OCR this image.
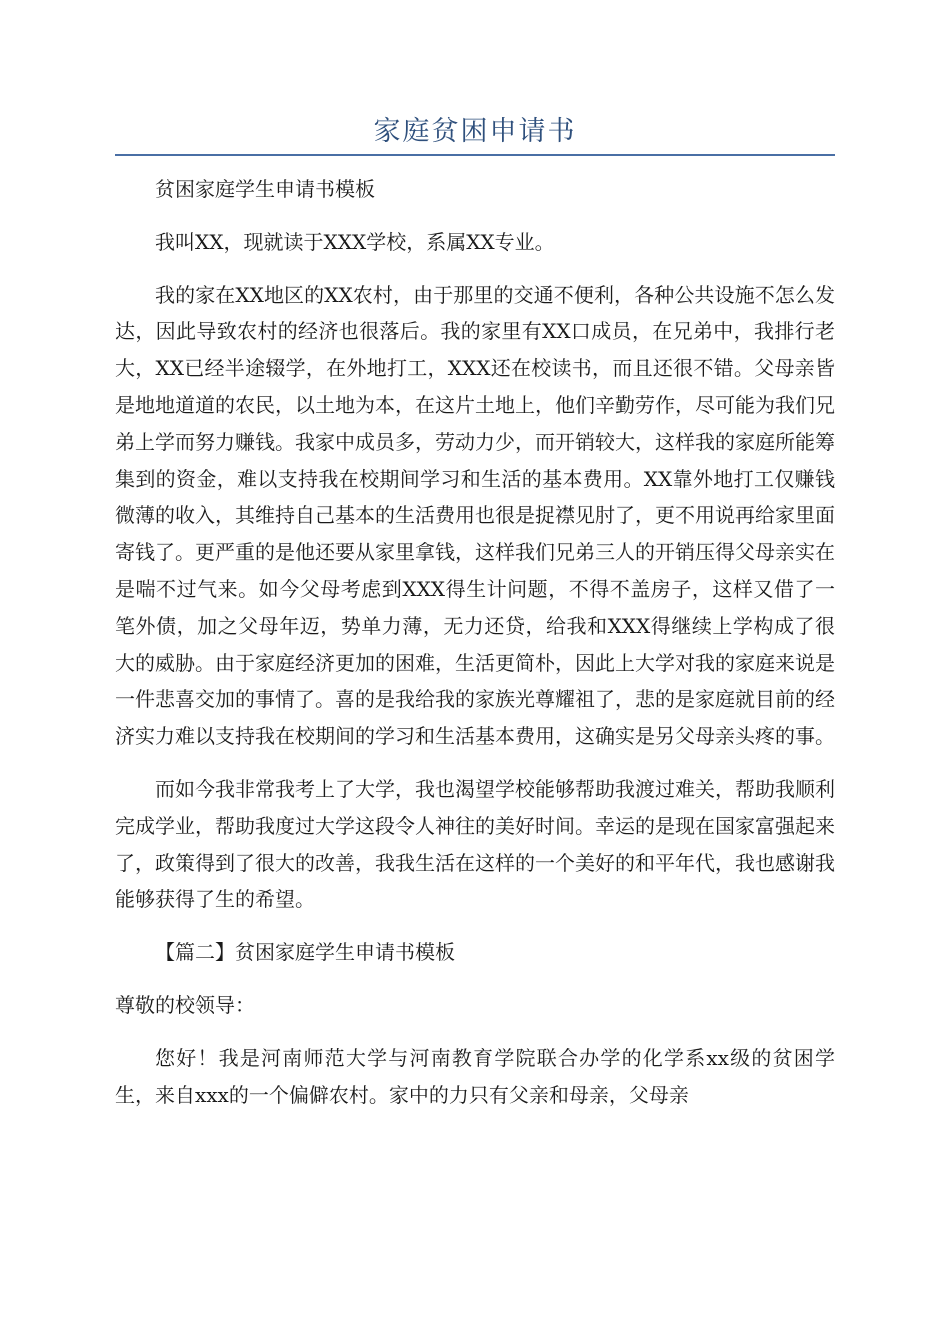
家庭贫困申请书

贫困家庭学生申请书模板

我叫XX，现就读于XXX学校，系属XX专业。

我的家在XX地区的XX农村，由于那里的交通不便利，各种公共设施不怎么发达，因此导致农村的经济也很落后。我的家里有XX口成员，在兄弟中，我排行老大，XX已经半途辍学，在外地打工，XXX还在校读书，而且还很不错。父母亲皆是地地道道的农民，以土地为本，在这片土地上，他们辛勤劳作，尽可能为我们兄弟上学而努力赚钱。我家中成员多，劳动力少，而开销较大，这样我的家庭所能筹集到的资金，难以支持我在校期间学习和生活的基本费用。XX靠外地打工仅赚钱微薄的收入，其维持自己基本的生活费用也很是捉襟见肘了，更不用说再给家里面寄钱了。更严重的是他还要从家里拿钱，这样我们兄弟三人的开销压得父母亲实在是喘不过气来。如今父母考虑到XXX得生计问题，不得不盖房子，这样又借了一笔外债，加之父母年迈，势单力薄，无力还贷，给我和XXX得继续上学构成了很大的威胁。由于家庭经济更加的困难，生活更简朴，因此上大学对我的家庭来说是一件悲喜交加的事情了。喜的是我给我的家族光尊耀祖了，悲的是家庭就目前的经济实力难以支持我在校期间的学习和生活基本费用，这确实是另父母亲头疼的事。

而如今我非常我考上了大学，我也渴望学校能够帮助我渡过难关，帮助我顺利完成学业，帮助我度过大学这段令人神往的美好时间。幸运的是现在国家富强起来了，政策得到了很大的改善，我我生活在这样的一个美好的和平年代，我也感谢我能够获得了生的希望。

【篇二】贫困家庭学生申请书模板

尊敬的校领导：

您好！我是河南师范大学与河南教育学院联合办学的化学系xx级的贫困学生，来自xxx的一个偏僻农村。家中的力只有父亲和母亲，父母亲
